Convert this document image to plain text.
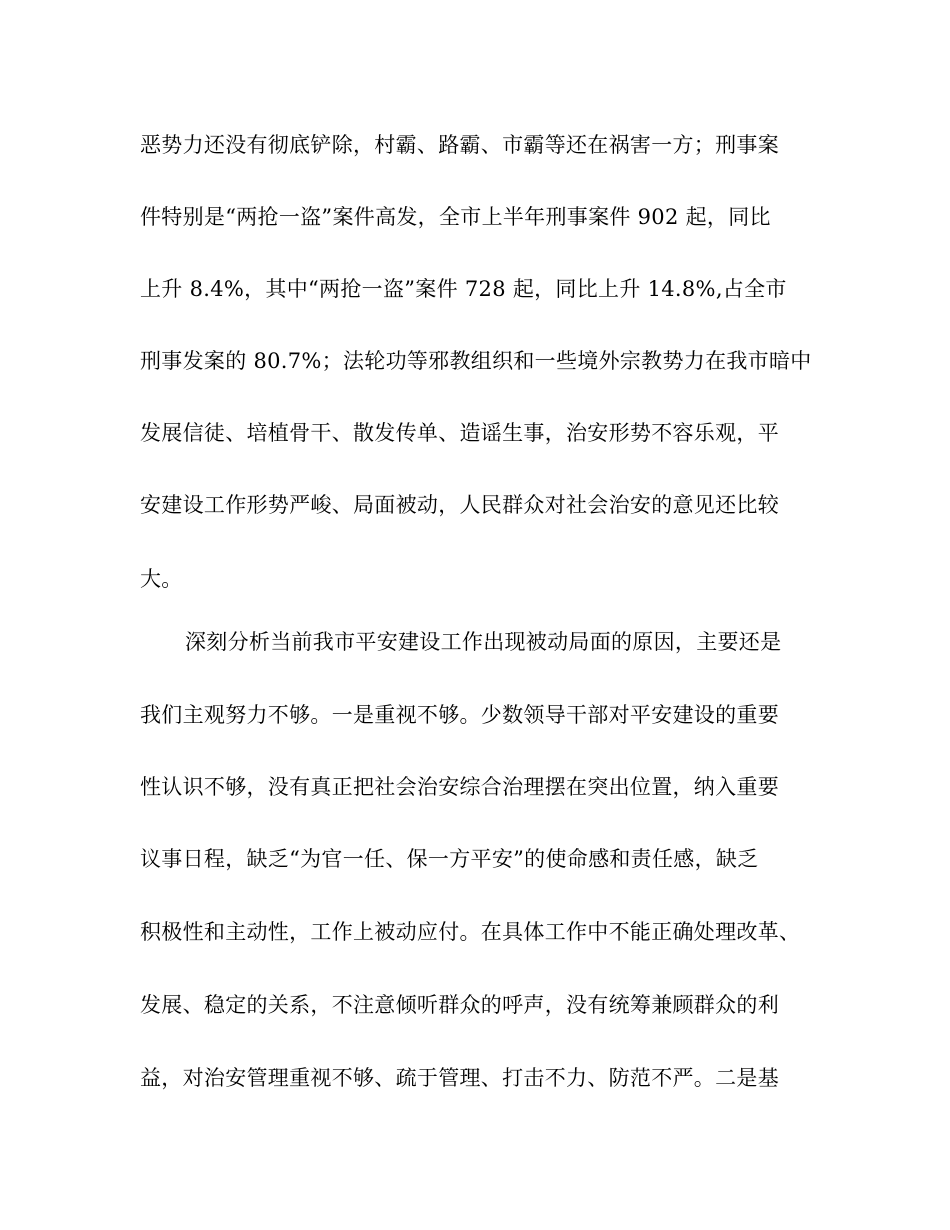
恶势力还没有彻底铲除，村霸、路霸、市霸等还在祸害一方；刑事案
件特别是“两抢一盗”案件高发，全市上半年刑事案件 902 起，同比
上升 8.4%，其中“两抢一盗”案件 728 起，同比上升 14.8%,占全市
刑事发案的 80.7%；法轮功等邪教组织和一些境外宗教势力在我市暗中
发展信徒、培植骨干、散发传单、造谣生事，治安形势不容乐观，平
安建设工作形势严峻、局面被动，人民群众对社会治安的意见还比较
大。
深刻分析当前我市平安建设工作出现被动局面的原因，主要还是
我们主观努力不够。一是重视不够。少数领导干部对平安建设的重要
性认识不够，没有真正把社会治安综合治理摆在突出位置，纳入重要
议事日程，缺乏“为官一任、保一方平安”的使命感和责任感，缺乏
积极性和主动性，工作上被动应付。在具体工作中不能正确处理改革、
发展、稳定的关系，不注意倾听群众的呼声，没有统筹兼顾群众的利
益，对治安管理重视不够、疏于管理、打击不力、防范不严。二是基
